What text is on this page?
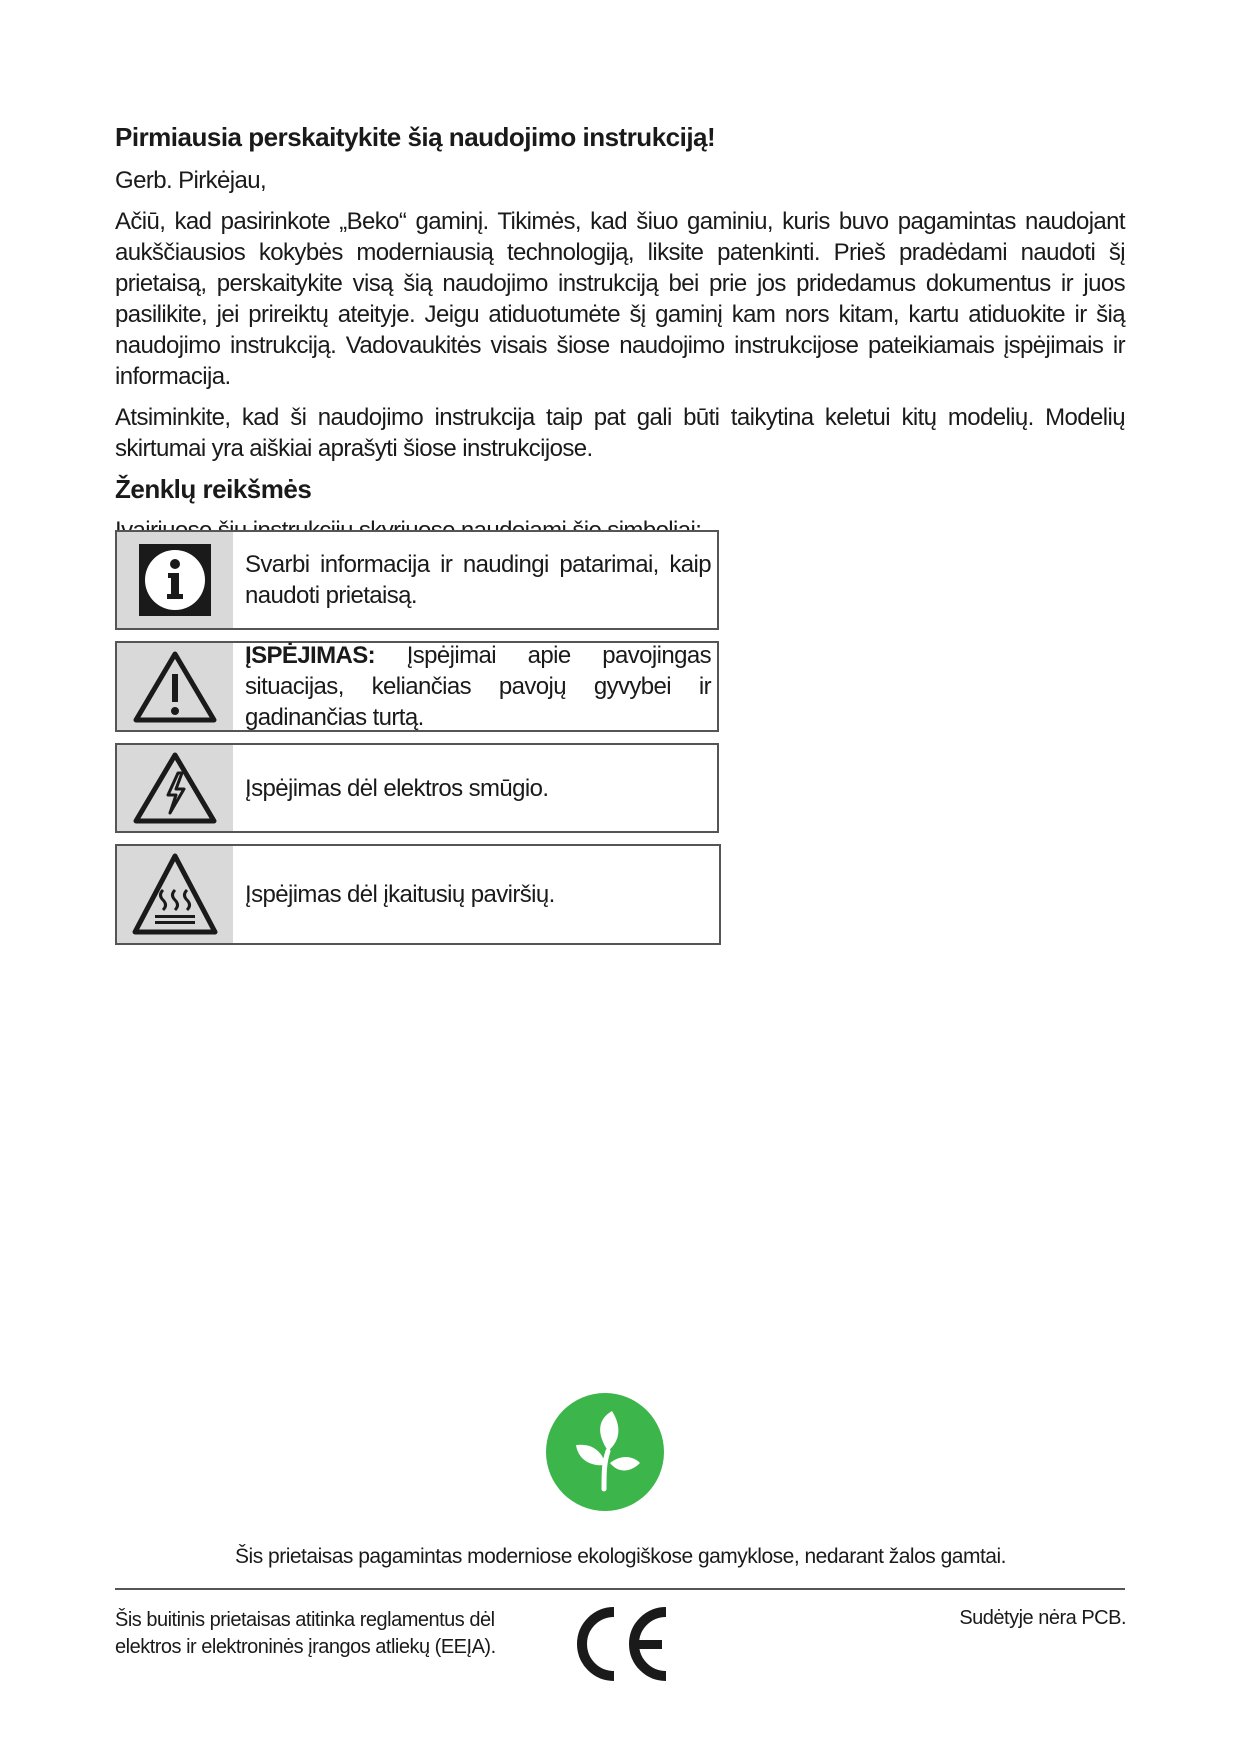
Pirmiausia perskaitykite šią naudojimo instrukciją!

Gerb. Pirkėjau,

Ačiū, kad pasirinkote „Beko“ gaminį. Tikimės, kad šiuo gaminiu, kuris buvo pagamintas naudojant aukščiausios kokybės moderniausią technologiją, liksite patenkinti. Prieš pradėdami naudoti šį prietaisą, perskaitykite visą šią naudojimo instrukciją bei prie jos pridedamus dokumentus ir juos pasilikite, jei prireiktų ateityje. Jeigu atiduotumėte šį gaminį kam nors kitam, kartu atiduokite ir šią naudojimo instrukciją. Vadovaukitės visais šiose naudojimo instrukcijose pateikiamais įspėjimais ir informacija.

Atsiminkite, kad ši naudojimo instrukcija taip pat gali būti taikytina keletui kitų modelių. Modelių skirtumai yra aiškiai aprašyti šiose instrukcijose.

Ženklų reikšmės

Svarbi informacija ir naudingi patarimai, kaip naudoti prietaisą.
ĮSPĖJIMAS: Įspėjimai apie pavojingas situacijas, keliančias pavojų gyvybei ir gadinančias turtą.
Įspėjimas dėl elektros smūgio.
Įspėjimas dėl įkaitusių paviršių.
Šis prietaisas pagamintas moderniose ekologiškose gamyklose, nedarant žalos gamtai.
Šis buitinis prietaisas atitinka reglamentus dėl
elektros ir elektroninės įrangos atliekų (EEĮA).
Sudėtyje nėra PCB.
